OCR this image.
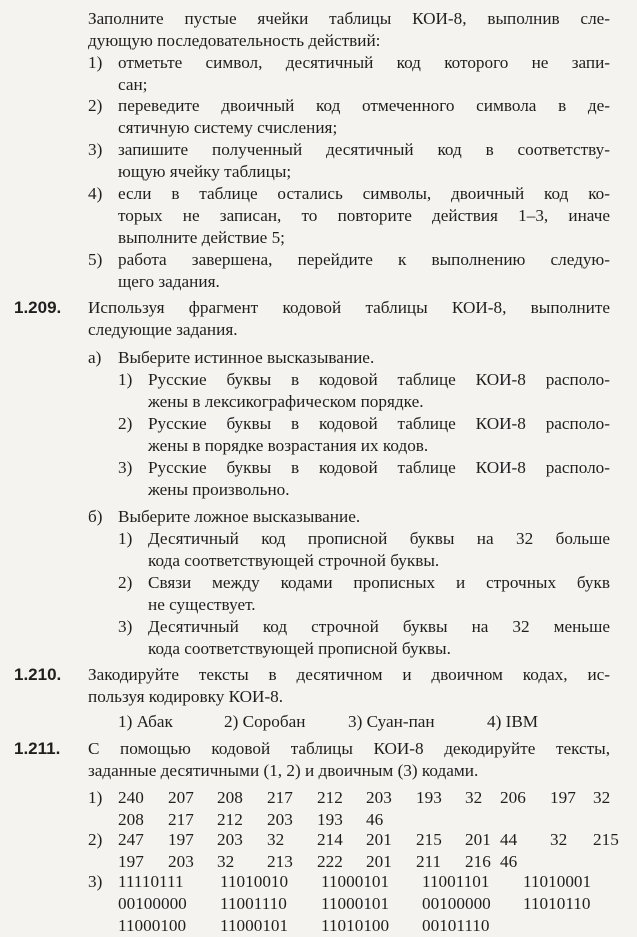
Заполните пустые ячейки таблицы КОИ-8, выполнив сле-

дующую последовательность действий:

1) отметьте символ, десятичный код которого не запи-

сан;

2) переведите двоичный код отмеченного символа в де-

сятичную систему счисления;

3) запишите полученный десятичный код в соответству-

ющую ячейку таблицы;

4) если в таблице остались символы, двоичный код ко-

торых не записан, то повторите действия 1–3, иначе

выполните действие 5;

5) работа завершена, перейдите к выполнению следую-

щего задания.

1.209. Используя фрагмент кодовой таблицы КОИ-8, выполните

следующие задания.

а) Выберите истинное высказывание.

1) Русские буквы в кодовой таблице КОИ-8 располо-

жены в лексикографическом порядке.

2) Русские буквы в кодовой таблице КОИ-8 располо-

жены в порядке возрастания их кодов.

3) Русские буквы в кодовой таблице КОИ-8 располо-

жены произвольно.

б) Выберите ложное высказывание.

1) Десятичный код прописной буквы на 32 больше

кода соответствующей строчной буквы.

2) Связи между кодами прописных и строчных букв

не существует.

3) Десятичный код строчной буквы на 32 меньше

кода соответствующей прописной буквы.

1.210. Закодируйте тексты в десятичном и двоичном кодах, ис-

пользуя кодировку КОИ-8.

1) Абак	2) Соробан 3) Суан-пан	4) IBM
1.211. С помощью кодовой таблицы КОИ-8 декодируйте тексты,

заданные десятичными (1, 2) и двоичным (3) кодами.

1) 240 207 208 217 212 203 193 32 206 197 32
208 217 212 203 193 46
2) 247 197 203 32 214 201 215 201 44 32 215
197 203 32 213 222 201 211 216 46
3) 11110111 11010010 11000101 11001101 11010001
00100000 11001110 11000101 00100000 11010110
11000100 11000101 11010100 00101110
